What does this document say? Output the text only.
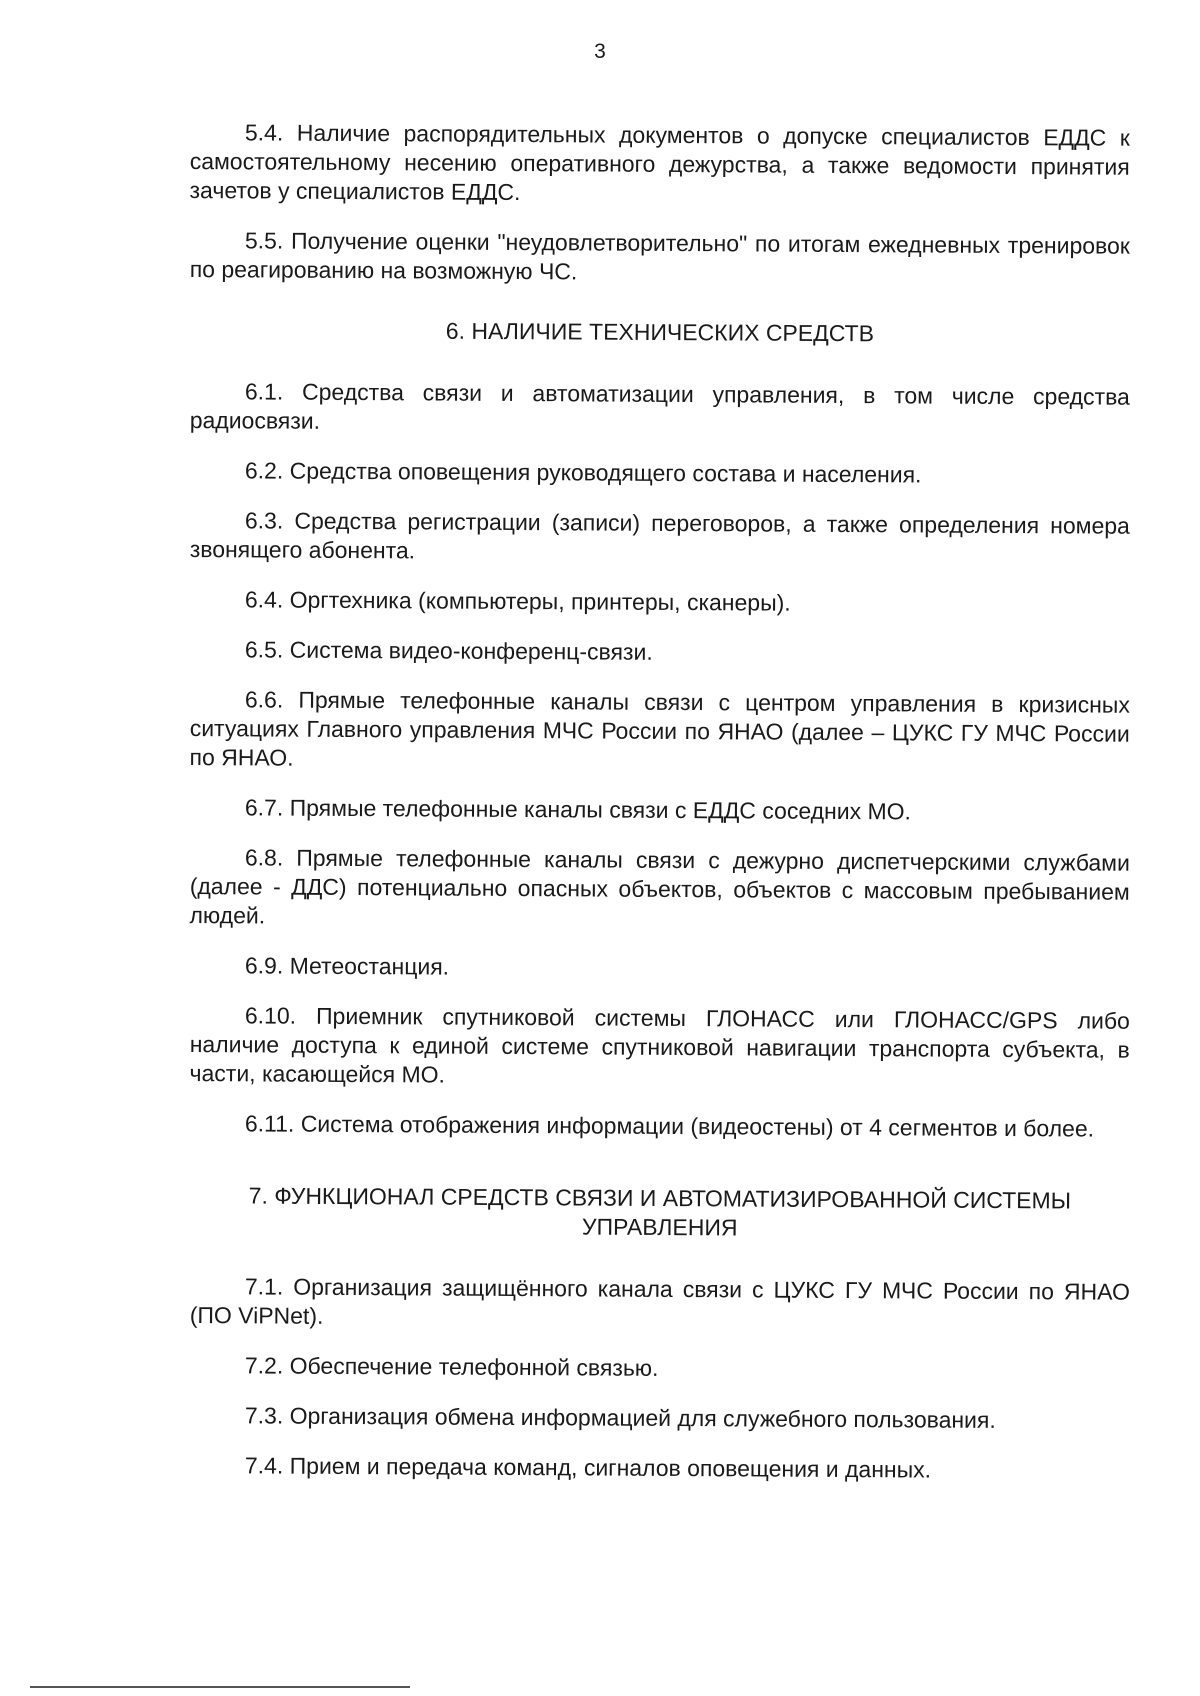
3

5.4. Наличие распорядительных документов о допуске специалистов ЕДДС к самостоятельному несению оперативного дежурства, а также ведомости принятия зачетов у специалистов ЕДДС.

5.5. Получение оценки "неудовлетворительно" по итогам ежедневных тренировок по реагированию на возможную ЧС.

6. НАЛИЧИЕ ТЕХНИЧЕСКИХ СРЕДСТВ

6.1. Средства связи и автоматизации управления, в том числе средства радиосвязи.

6.2. Средства оповещения руководящего состава и населения.

6.3. Средства регистрации (записи) переговоров, а также определения номера звонящего абонента.

6.4. Оргтехника (компьютеры, принтеры, сканеры).

6.5. Система видео-конференц-связи.

6.6. Прямые телефонные каналы связи с центром управления в кризисных ситуациях Главного управления МЧС России по ЯНАО (далее – ЦУКС ГУ МЧС России по ЯНАО.

6.7. Прямые телефонные каналы связи с ЕДДС соседних МО.

6.8. Прямые телефонные каналы связи с дежурно диспетчерскими службами (далее - ДДС) потенциально опасных объектов, объектов с массовым пребыванием людей.

6.9. Метеостанция.

6.10. Приемник спутниковой системы ГЛОНАСС или ГЛОНАСС/GPS либо наличие доступа к единой системе спутниковой навигации транспорта субъекта, в части, касающейся МО.

6.11. Система отображения информации (видеостены) от 4 сегментов и более.

7. ФУНКЦИОНАЛ СРЕДСТВ СВЯЗИ И АВТОМАТИЗИРОВАННОЙ СИСТЕМЫ
УПРАВЛЕНИЯ

7.1. Организация защищённого канала связи с ЦУКС ГУ МЧС России по ЯНАО (ПО ViPNet).

7.2. Обеспечение телефонной связью.

7.3. Организация обмена информацией для служебного пользования.

7.4. Прием и передача команд, сигналов оповещения и данных.
